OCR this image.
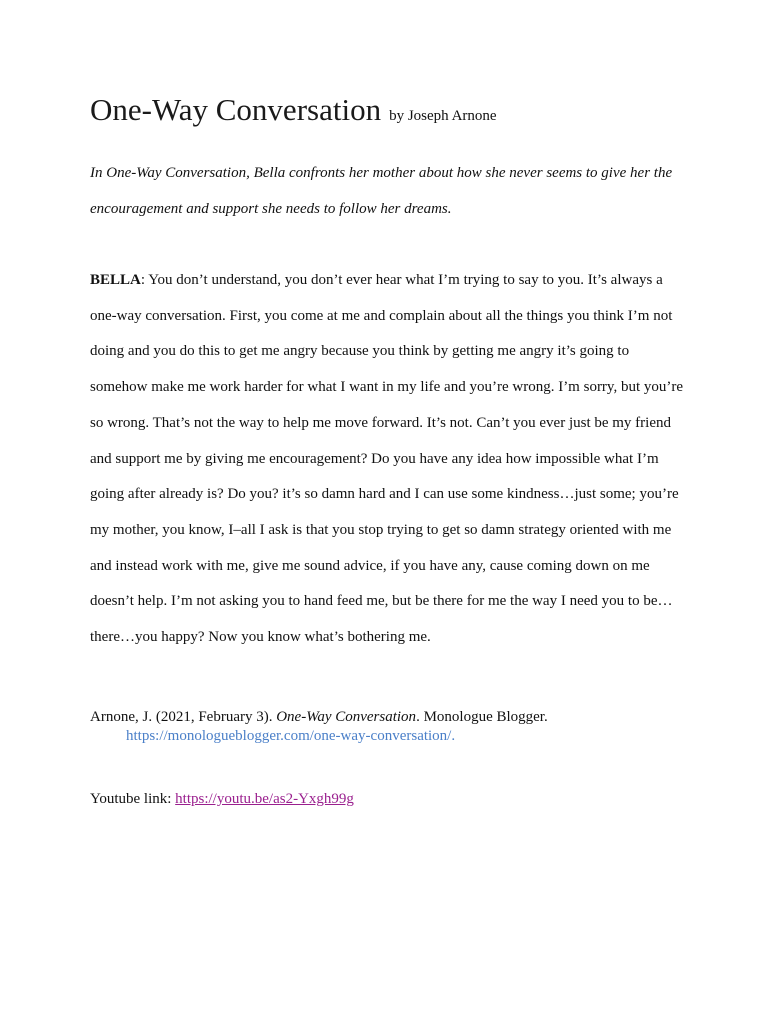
One-Way Conversation by Joseph Arnone
In One-Way Conversation, Bella confronts her mother about how she never seems to give her the encouragement and support she needs to follow her dreams.
BELLA: You don’t understand, you don’t ever hear what I’m trying to say to you. It’s always a one-way conversation. First, you come at me and complain about all the things you think I’m not doing and you do this to get me angry because you think by getting me angry it’s going to somehow make me work harder for what I want in my life and you’re wrong. I’m sorry, but you’re so wrong. That’s not the way to help me move forward. It’s not. Can’t you ever just be my friend and support me by giving me encouragement? Do you have any idea how impossible what I’m going after already is? Do you? it’s so damn hard and I can use some kindness…just some; you’re my mother, you know, I–all I ask is that you stop trying to get so damn strategy oriented with me and instead work with me, give me sound advice, if you have any, cause coming down on me doesn’t help. I’m not asking you to hand feed me, but be there for me the way I need you to be…there…you happy? Now you know what’s bothering me.
Arnone, J. (2021, February 3). One-Way Conversation. Monologue Blogger.
https://monologueblogger.com/one-way-conversation/.
Youtube link: https://youtu.be/as2-Yxgh99g
